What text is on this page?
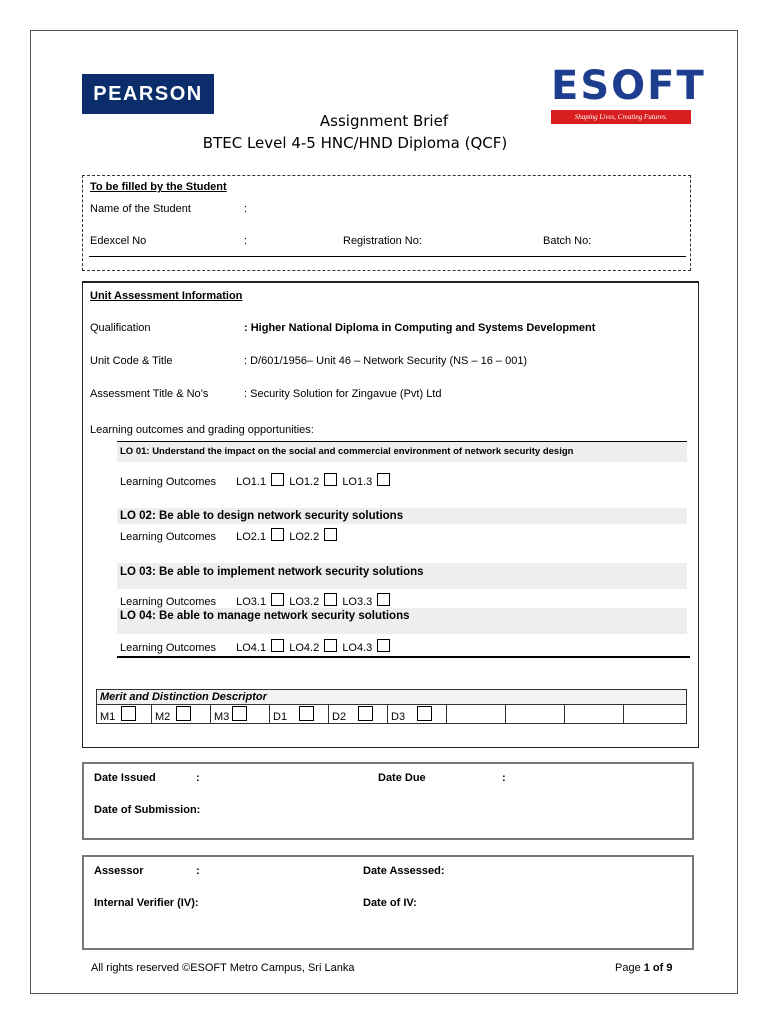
PEARSON	ESOFT
Shaping Lives, Creating Futures.
Assignment Brief
BTEC Level 4-5 HNC/HND Diploma (QCF)
To be filled by the Student
Name of the Student	:
Edexcel No	:	Registration No:	Batch No:
Unit Assessment Information
Qualification	: Higher National Diploma in Computing and Systems Development
Unit Code & Title	: D/601/1956– Unit 46 – Network Security (NS – 16 – 001)
Assessment Title & No’s	: Security Solution for Zingavue (Pvt) Ltd
Learning outcomes and grading opportunities:
LO 01: Understand the impact on the social and commercial environment of network security design
Learning Outcomes LO1.1 LO1.2 LO1.3
LO 02: Be able to design network security solutions
Learning Outcomes LO2.1 LO2.2
LO 03: Be able to implement network security solutions
Learning Outcomes LO3.1 LO3.2 LO3.3
LO 04: Be able to manage network security solutions
Learning Outcomes LO4.1 LO4.2 LO4.3
Merit and Distinction Descriptor
M1	M2	M3	D1	D2	D3				
Date Issued	:	Date Due	:
Date of Submission:
Assessor	:	Date Assessed:
Internal Verifier (IV):	Date of IV:
All rights reserved ©ESOFT Metro Campus, Sri Lanka	Page 1 of 9
